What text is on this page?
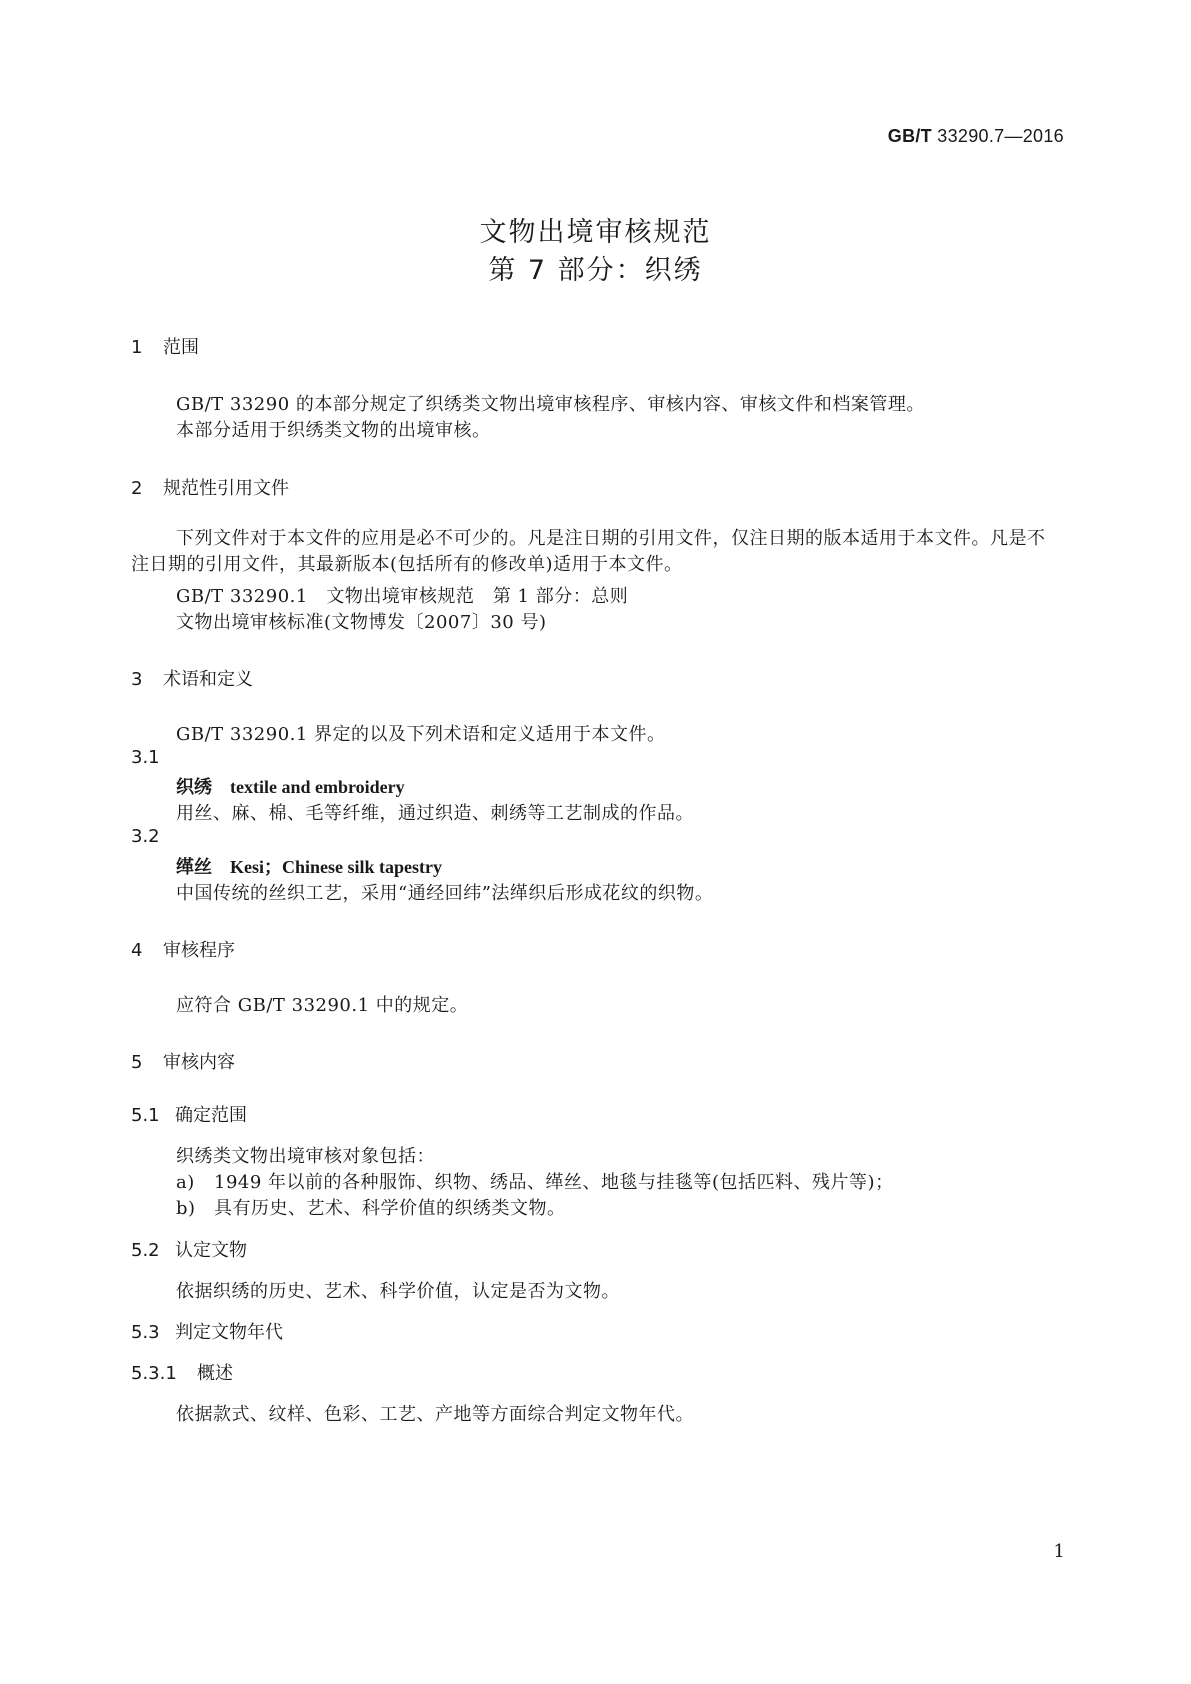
GB/T 33290.7—2016
文物出境审核规范
第 7 部分：织绣
1 范围
GB/T 33290 的本部分规定了织绣类文物出境审核程序、审核内容、审核文件和档案管理。
本部分适用于织绣类文物的出境审核。
2 规范性引用文件
下列文件对于本文件的应用是必不可少的。凡是注日期的引用文件，仅注日期的版本适用于本文件。凡是不注日期的引用文件，其最新版本(包括所有的修改单)适用于本文件。
GB/T 33290.1　文物出境审核规范　第 1 部分：总则
文物出境审核标准(文物博发〔2007〕30 号)
3 术语和定义
GB/T 33290.1 界定的以及下列术语和定义适用于本文件。
3.1
织绣 textile and embroidery
用丝、麻、棉、毛等纤维，通过织造、刺绣等工艺制成的作品。
3.2
缂丝 Kesi；Chinese silk tapestry
中国传统的丝织工艺，采用“通经回纬”法缂织后形成花纹的织物。
4 审核程序
应符合 GB/T 33290.1 中的规定。
5 审核内容
5.1 确定范围
织绣类文物出境审核对象包括：
a) 1949 年以前的各种服饰、织物、绣品、缂丝、地毯与挂毯等(包括匹料、残片等)；
b) 具有历史、艺术、科学价值的织绣类文物。
5.2 认定文物
依据织绣的历史、艺术、科学价值，认定是否为文物。
5.3 判定文物年代
5.3.1 概述
依据款式、纹样、色彩、工艺、产地等方面综合判定文物年代。
1
